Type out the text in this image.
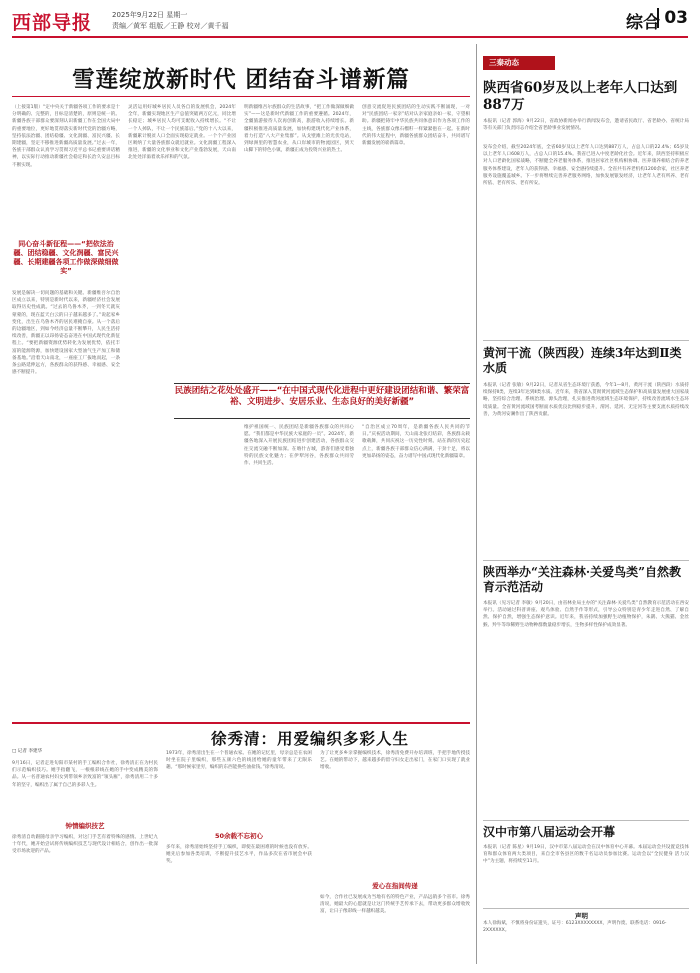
西部导报	2025年9月22日 星期一
责编／黄军 组版／王静 校对／黄千福	综合 03
雪莲绽放新时代 团结奋斗谱新篇
（上接第1版）“定中央关于新疆各项工作的要求是十分明确的、完整的，目标是清楚的，原则是统一的。新疆各族干部群众要深刻认识新疆工作在全国大局中的重要地位，更好地贯彻落实新时代党的治疆方略，坚持依法治疆、团结稳疆、文化润疆、富民兴疆、长期建疆，坚定不移推进新疆高质量发展。”过去一年，各族干部群众认真学习贯彻习近平总书记重要讲话精神，以实际行动推动新疆社会稳定和长治久安总目标不断实现。
同心奋斗新征程——“把依法治疆、团结稳疆、文化润疆、富民兴疆、长期建疆各项工作做深做细做实”
发展是解决一切问题的基础和关键。新疆维吾尔自治区成立以来，特别是新时代以来，新疆经济社会发展取得历史性成就。“过去的乌鲁木齐，一到冬天就灰蒙蒙的，现在蓝天白云的日子越来越多了。”说起家乡变化，出生在乌鲁木齐的居民难掩自豪。从一个落后的边疆地区，到如今经济总量不断攀升，人民生活持续改善，新疆正以昂扬姿态奋进在中国式现代化新征程上。“要把新疆资源优势转化为发展优势，依托丰富的能源资源，加快建设国家大型油气生产加工和储备基地。”沿着天山南北，一座座工厂拔地而起，一条条公路延伸远方，各族群众的获得感、幸福感、安全感不断提升。
灵活运用好城乡居民人员各自的发展机会，2024年全年，新疆实现地区生产总值突破两万亿元，同比增长稳定；城乡居民人均可支配收入持续增长。“不让一个人掉队，不让一个民族落后。”党的十八大以来，新疆累计脱贫人口全面实现稳定就业。一个个产业园区吸纳了大量各族群众就近就业。文化润疆工程深入推进，新疆的文化事业和文化产业蓬勃发展，天山南北处处洋溢着欢乐祥和的气氛。
明新疆维吾尔族群众的生活故事，“把工作做深做细做实”——这是新时代新疆工作的重要遵循。2024年，全疆旅游接待人次再创新高，旅游收入持续增长。新疆积极推进高质量发展，加快构建现代化产业体系，着力打造“八大产业集群”。从戈壁滩上的光伏电站，到绿洲里的智慧农业，从口岸城市的物流园区，到天山脚下的特色小镇，新疆正成为投资兴业的热土。
创意交流促进民族团结的生动实践不断涌现，一对对“民族团结一家亲”结对认亲家庭亲如一家，守望相助。新疆把铸牢中华民族共同体意识作为各项工作的主线，各族群众像石榴籽一样紧紧抱在一起。在新时代的伟大征程中，新疆各族群众团结奋斗，共同谱写新疆发展的崭新篇章。
民族团结之花处处盛开——“在中国式现代化进程中更好建设团结和谐、繁荣富裕、文明进步、安居乐业、生态良好的美好新疆”
维护祖国统一、民族团结是新疆各族群众的共同心愿。“我们都是中华民族大家庭的一员”。2024年，新疆各地深入开展民族团结进步创建活动，各族群众交往交流交融不断加深。在喀什古城，游客们感受着独特的民族文化魅力；在伊犁河谷，各族群众共同劳作、共同生活。
“自治区成立70周年，是新疆各族人民共同的节日。”庆祝活动期间，天山南北张灯结彩，各族群众载歌载舞，共同庆祝这一历史性时刻。站在新的历史起点上，新疆各族干部群众信心满满，干劲十足，将以更加昂扬的姿态，奋力谱写中国式现代化新疆篇章。
三秦动态
陕西省60岁及以上老年人口达到887万
本报讯（记者 郭海）9月22日，省政协新闻办举行新闻发布会，邀请省民政厅、省老龄办、省统计局等有关部门负责同志介绍全省老龄事业发展情况。
发布会介绍，截至2024年底，全省60岁及以上老年人口达到887万人，占总人口的22.4%；65岁及以上老年人口608万人，占总人口的15.4%。我省已进入中度老龄化社会。近年来，陕西坚持积极应对人口老龄化国家战略，不断健全养老服务体系，推进居家社区机构相协调、医养康养相结合的养老服务体系建设，老年人的获得感、幸福感、安全感持续提升。全省共有养老机构1200余家，社区养老服务设施覆盖城乡。下一步将继续完善养老服务网络，加快发展银发经济，让老年人老有所养、老有所依、老有所乐、老有所安。
黄河干流（陕西段）连续3年达到Ⅱ类水质
本报讯（记者 张敏）9月22日，记者从省生态环境厅获悉，今年1—8月，黄河干流（陕西段）水质持续保持Ⅱ类，连续3年达到Ⅱ类水质。近年来，我省深入贯彻黄河流域生态保护和高质量发展重大国家战略，坚持综合治理、系统治理、源头治理，扎实推进黄河流域生态环境保护，持续改善流域水生态环境质量。全省黄河流域国考断面水质优良比例稳步提升，渭河、延河、无定河等主要支流水质持续改善，为黄河安澜作出了陕西贡献。
陕西举办“关注森林·关爱鸟类”自然教育示范活动
本报讯（见习记者 李敏）9月20日，由省林业局主办的“关注森林·关爱鸟类”自然教育示范活动在西安举行。活动通过科普讲座、观鸟体验、自然手作等形式，引导公众特别是青少年走进自然、了解自然、保护自然，增强生态保护意识。近年来，我省持续加强野生动植物保护，朱鹮、大熊猫、金丝猴、羚牛等珍稀野生动物种群数量稳步增长，生物多样性保护成效显著。
汉中市第八届运动会开幕
本报讯（记者 陈星）9月19日，汉中市第八届运动会在汉中体育中心开幕。本届运动会共设置竞技体育和群众体育两大类项目，来自全市各县区的数千名运动员参加比赛。运动会以“全民健身 活力汉中”为主题，将持续至11月。
声明
本人徐海斌，不慎将身份证遗失，证号：6123XXXXXXXX，声明作废。联系电话：0916-2XXXXXX。
徐秀清：用爱编织多彩人生
□ 记者 李建华
9月16日，记者走进旬阳市某村的手工编织合作社，徐秀清正在为村民们示范编织技巧。她手指翻飞，一根根彩线在她的手中变成精美的饰品。从一名普通农村妇女到带领乡亲致富的“领头雁”，徐秀清用二十多年的坚守，编织出了属于自己的多彩人生。
钟情编织技艺
徐秀清自幼跟随母亲学习编织，对这门手艺有着特殊的感情。上世纪九十年代，她开始尝试将传统编织技艺与现代设计相结合，创作出一批深受市场欢迎的产品。
1973年，徐秀清出生在一个普通农家。在她的记忆里，母亲总是在农闲时坐在院子里编织，那些五颜六色的线团给她的童年带来了无限乐趣。“那时候家里穷，编织的东西能换些油盐钱。”徐秀清说。
50余载不忘初心
多年来，徐秀清始终坚持手工编织，即使在最困难的时候也没有放弃。她先后参加各类培训，不断提升技艺水平，作品多次在省市展会中获奖。
为了让更多乡亲掌握编织技术，徐秀清免费开办培训班，手把手地传授技艺。在她的带动下，越来越多的留守妇女走出家门，在家门口实现了就业增收。
爱心在指间传递
如今，合作社已发展成为当地有名的特色产业，产品远销多个省市。徐秀清说，她最大的心愿就是让这门传统手艺传承下去，带动更多群众增收致富，让日子像彩线一样越织越美。
